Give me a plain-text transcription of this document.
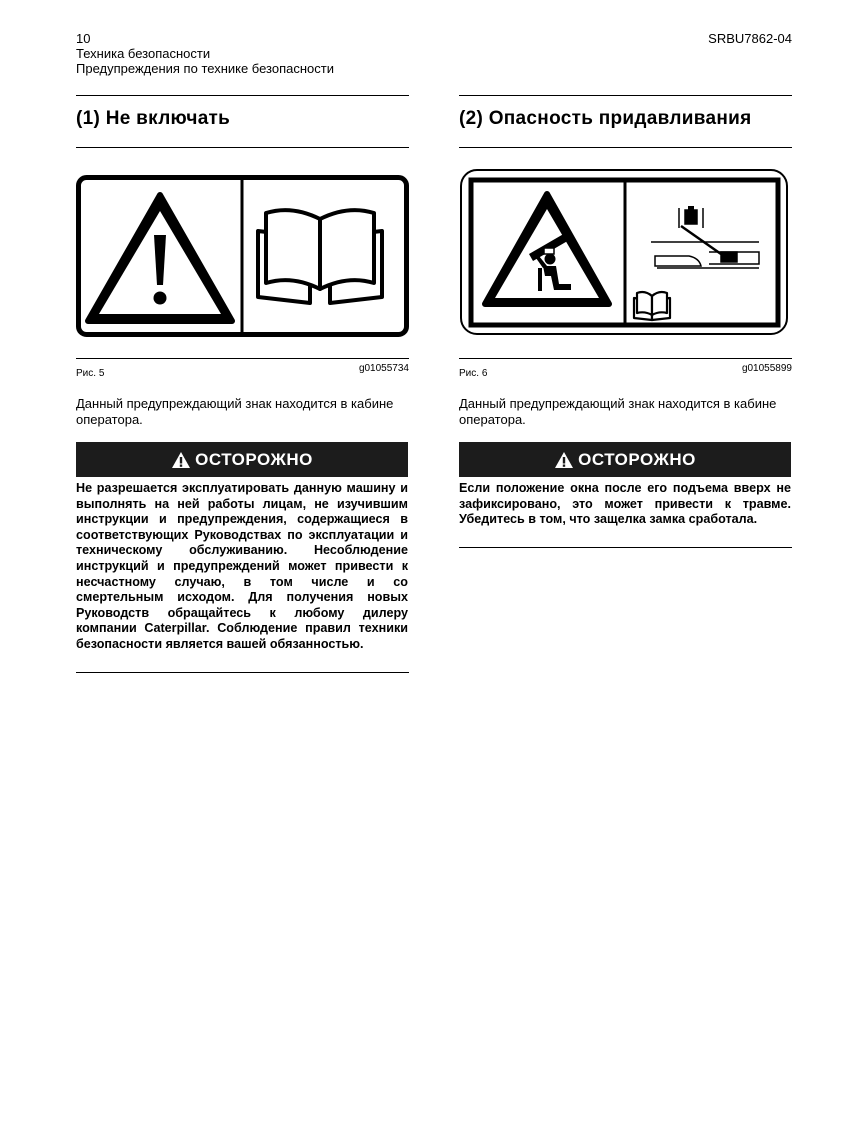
10
Техника безопасности
Предупреждения по технике безопасности
SRBU7862-04
(1) Не включать
Рис. 5	g01055734
Данный предупреждающий знак находится в кабине оператора.
ОСТОРОЖНО
Не разрешается эксплуатировать данную машину и выполнять на ней работы лицам, не изучившим инструкции и предупреждения, содержащиеся в соответствующих Руководствах по эксплуатации и техническому обслуживанию. Несоблюдение инструкций и предупреждений может привести к несчастному случаю, в том числе и со смертельным исходом. Для получения новых Руководств обращайтесь к любому дилеру компании Caterpillar. Соблюдение правил техники безопасности является вашей обязанностью.
(2) Опасность придавливания
Рис. 6	g01055899
Данный предупреждающий знак находится в кабине оператора.
ОСТОРОЖНО
Если положение окна после его подъема вверх не зафиксировано, это может привести к травме. Убедитесь в том, что защелка замка сработала.
